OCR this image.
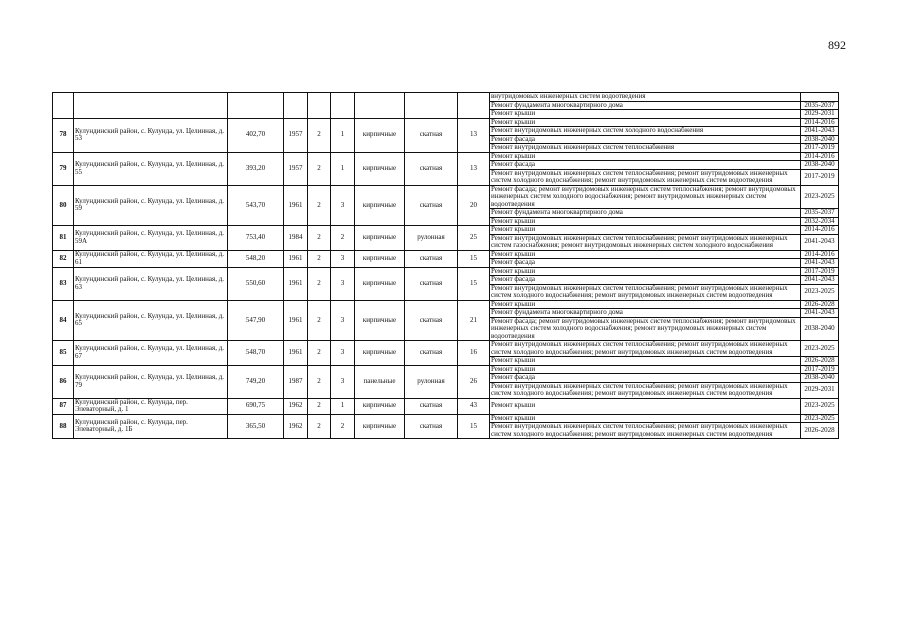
892
									внутридомовых инженерных систем водоотведения	
									Ремонт фундамента многоквартирного дома	2035-2037
									Ремонт крыши	2029-2031
78	Кулундинский район, с. Кулунда, ул. Целинная, д. 53	402,70	1957	2	1	кирпичные	скатная	13	Ремонт крыши	2014-2016
									Ремонт внутридомовых инженерных систем холодного водоснабжения	2041-2043
									Ремонт фасада	2038-2040
									Ремонт внутридомовых инженерных систем теплоснабжения	2017-2019
79	Кулундинский район, с. Кулунда, ул. Целинная, д. 55	393,20	1957	2	1	кирпичные	скатная	13	Ремонт крыши	2014-2016
									Ремонт фасада	2038-2040
									Ремонт внутридомовых инженерных систем теплоснабжения; ремонт внутридомовых инженерных систем холодного водоснабжения; ремонт внутридомовых инженерных систем водоотведения	2017-2019
80	Кулундинский район, с. Кулунда, ул. Целинная, д. 59	543,70	1961	2	3	кирпичные	скатная	20	Ремонт фасада; ремонт внутридомовых инженерных систем теплоснабжения; ремонт внутридомовых инженерных систем холодного водоснабжения; ремонт внутридомовых инженерных систем водоотведения	2023-2025
									Ремонт фундамента многоквартирного дома	2035-2037
									Ремонт крыши	2032-2034
81	Кулундинский район, с. Кулунда, ул. Целинная, д. 59А	753,40	1984	2	2	кирпичные	рулонная	25	Ремонт крыши	2014-2016
									Ремонт внутридомовых инженерных систем теплоснабжения; ремонт внутридомовых инженерных систем газоснабжения; ремонт внутридомовых инженерных систем холодного водоснабжения	2041-2043
82	Кулундинский район, с. Кулунда, ул. Целинная, д. 61	548,20	1961	2	3	кирпичные	скатная	15	Ремонт крыши	2014-2016
									Ремонт фасада	2041-2043
83	Кулундинский район, с. Кулунда, ул. Целинная, д. 63	550,60	1961	2	3	кирпичные	скатная	15	Ремонт крыши	2017-2019
									Ремонт фасада	2041-2043
									Ремонт внутридомовых инженерных систем теплоснабжения; ремонт внутридомовых инженерных систем холодного водоснабжения; ремонт внутридомовых инженерных систем водоотведения	2023-2025
84	Кулундинский район, с. Кулунда, ул. Целинная, д. 65	547,90	1961	2	3	кирпичные	скатная	21	Ремонт крыши	2026-2028
									Ремонт фундамента многоквартирного дома	2041-2043
									Ремонт фасада; ремонт внутридомовых инженерных систем теплоснабжения; ремонт внутридомовых инженерных систем холодного водоснабжения; ремонт внутридомовых инженерных систем водоотведения	2038-2040
85	Кулундинский район, с. Кулунда, ул. Целинная, д. 67	548,70	1961	2	3	кирпичные	скатная	16	Ремонт внутридомовых инженерных систем теплоснабжения; ремонт внутридомовых инженерных систем холодного водоснабжения; ремонт внутридомовых инженерных систем водоотведения	2023-2025
									Ремонт крыши	2026-2028
86	Кулундинский район, с. Кулунда, ул. Целинная, д. 79	749,20	1987	2	3	панельные	рулонная	26	Ремонт крыши	2017-2019
									Ремонт фасада	2038-2040
									Ремонт внутридомовых инженерных систем теплоснабжения; ремонт внутридомовых инженерных систем холодного водоснабжения; ремонт внутридомовых инженерных систем водоотведения	2029-2031
87	Кулундинский район, с. Кулунда, пер. Элеваторный, д. 1	690,75	1962	2	1	кирпичные	скатная	43	Ремонт крыши	2023-2025
88	Кулундинский район, с. Кулунда, пер. Элеваторный, д. 1Б	365,50	1962	2	2	кирпичные	скатная	15	Ремонт крыши	2023-2025
									Ремонт внутридомовых инженерных систем теплоснабжения; ремонт внутридомовых инженерных систем холодного водоснабжения; ремонт внутридомовых инженерных систем водоотведения	2026-2028
